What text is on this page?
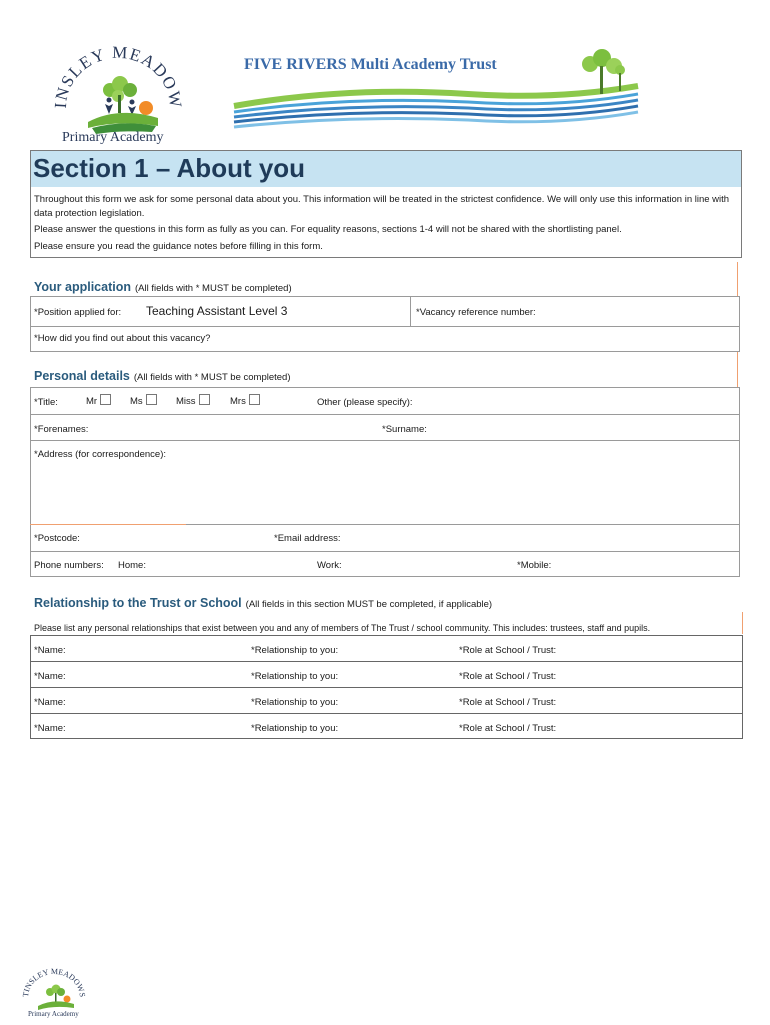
INSLEY MEADOW
Primary Academy
FIVE RIVERS Multi Academy Trust
Section 1 – About you
Throughout this form we ask for some personal data about you. This information will be treated in the strictest confidence. We will only use this information in line with
data protection legislation.
Please answer the questions in this form as fully as you can. For equality reasons, sections 1-4 will not be shared with the shortlisting panel.
Please ensure you read the guidance notes before filling in this form.
Your application (All fields with * MUST be completed)
*Position applied for: Teaching Assistant Level 3	*Vacancy reference number:
*How did you find out about this vacancy?
Personal details (All fields with * MUST be completed)
*Title:	Mr	Ms	Miss	Mrs	Other (please specify):
*Forenames:	*Surname:
*Address (for correspondence):
*Postcode:	*Email address:
Phone numbers: Home:	Work:	*Mobile:
Relationship to the Trust or School (All fields in this section MUST be completed, if applicable)
Please list any personal relationships that exist between you and any of members of The Trust / school community. This includes: trustees, staff and pupils.
*Name:	*Relationship to you:	*Role at School / Trust:
*Name:	*Relationship to you:	*Role at School / Trust:
*Name:	*Relationship to you:	*Role at School / Trust:
*Name:	*Relationship to you:	*Role at School / Trust:
INSLEY MEADOW
Primary Academy
